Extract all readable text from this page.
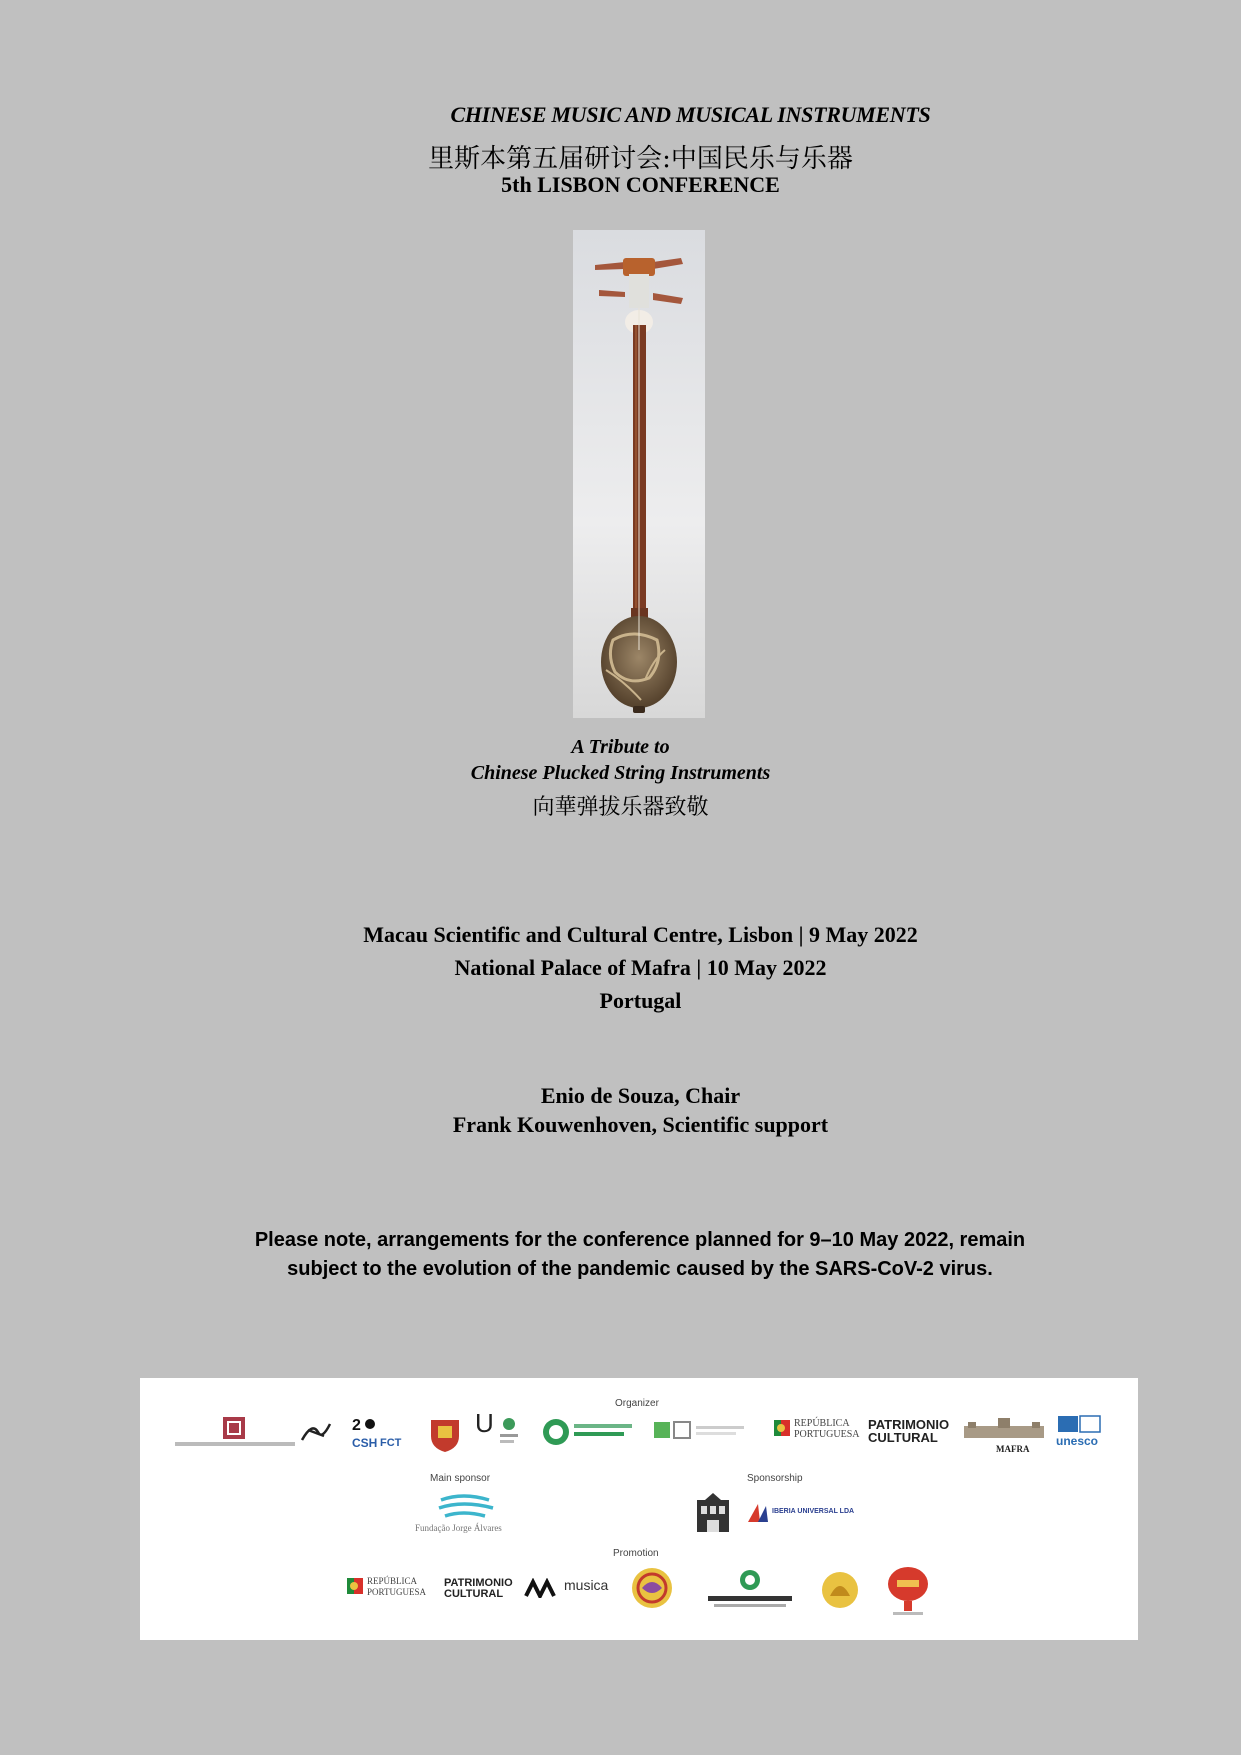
CHINESE MUSIC AND MUSICAL INSTRUMENTS
里斯本第五届研讨会:中国民乐与乐器
5th LISBON CONFERENCE
A Tribute to
Chinese Plucked String Instruments
向華弹拔乐器致敬
Macau Scientific and Cultural Centre, Lisbon | 9 May 2022
National Palace of Mafra | 10 May 2022
Portugal
Enio de Souza, Chair
Frank Kouwenhoven, Scientific support
Please note, arrangements for the conference planned for 9–10 May 2022, remain subject to the evolution of the pandemic caused by the SARS-CoV-2 virus.
Organizer
Main sponsor	Sponsorship
Promotion
2
CSH FCT
U	REPÚBLICA
PORTUGUESA
PATRIMONIO
CULTURAL
MAFRA
unesco
Fundação Jorge Álvares
IBERIA UNIVERSAL LDA
REPÚBLICA
PORTUGUESA
PATRIMONIO
CULTURAL
musica
